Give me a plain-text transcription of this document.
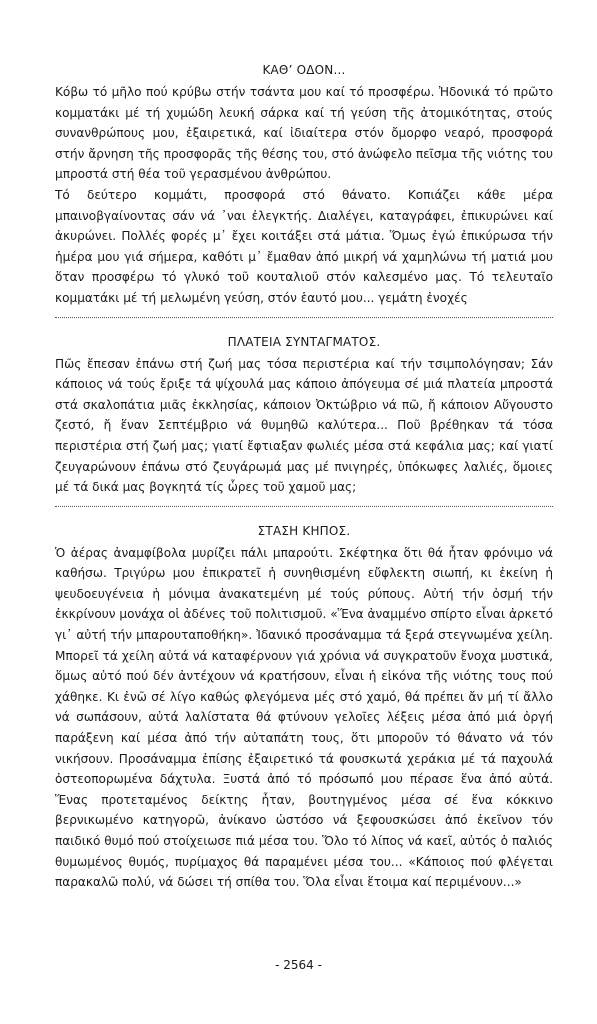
ΚΑΘ’ ΟΔΟΝ...

Κόβω τό μῆλο πού κρύβω στήν τσάντα μου καί τό προσφέρω. Ἠδονικά τό πρῶτο κομματάκι μέ τή χυμώδη λευκή σάρκα καί τή γεύση τῆς ἀτομικότητας, στούς συνανθρώπους μου, ἐξαιρετικά, καί ἰδιαίτερα στόν ὄμορφο νεαρό, προσφορά στήν ἄρνηση τῆς προσφορᾶς τῆς θέσης του, στό ἀνώφελο πεῖσμα τῆς νιότης του μπροστά στή θέα τοῦ γερασμένου ἀνθρώπου.

Τό δεύτερο κομμάτι, προσφορά στό θάνατο. Κοπιάζει κάθε μέρα μπαινοβγαίνοντας σάν νά ᾽ναι ἐλεγκτής. Διαλέγει, καταγράφει, ἐπικυρώνει καί ἀκυρώνει. Πολλές φορές μ᾽ ἔχει κοιτάξει στά μάτια. Ὅμως ἐγώ ἐπικύρωσα τήν ἡμέρα μου γιά σήμερα, καθότι μ᾽ ἔμαθαν ἀπό μικρή νά χαμηλώνω τή ματιά μου ὅταν προσφέρω τό γλυκό τοῦ κουταλιοῦ στόν καλεσμένο μας. Τό τελευταῖο κομματάκι μέ τή μελωμένη γεύση, στόν ἑαυτό μου... γεμάτη ἐνοχές

ΠΛΑΤΕΙΑ ΣΥΝΤΑΓΜΑΤΟΣ.

Πῶς ἔπεσαν ἐπάνω στή ζωή μας τόσα περιστέρια καί τήν τσιμπολόγησαν; Σάν κάποιος νά τούς ἔριξε τά ψίχουλά μας κάποιο ἀπόγευμα σέ μιά πλατεία μπροστά στά σκαλοπάτια μιᾶς ἐκκλησίας, κάποιον Ὀκτώβριο νά πῶ, ἤ κάποιον Αὔγουστο ζεστό, ἤ ἕναν Σεπτέμβριο νά θυμηθῶ καλύτερα... Ποῦ βρέθηκαν τά τόσα περιστέρια στή ζωή μας; γιατί ἔφτιαξαν φωλιές μέσα στά κεφάλια μας; καί γιατί ζευγαρώνουν ἐπάνω στό ζευγάρωμά μας μέ πνιγηρές, ὑπόκωφες λαλιές, ὅμοιες μέ τά δικά μας βογκητά τίς ὧρες τοῦ χαμοῦ μας;

ΣΤΑΣΗ ΚΗΠΟΣ.

Ὁ ἀέρας ἀναμφίβολα μυρίζει πάλι μπαρούτι. Σκέφτηκα ὅτι θά ἦταν φρόνιμο νά καθήσω. Τριγύρω μου ἐπικρατεῖ ἡ συνηθισμένη εὔφλεκτη σιωπή, κι ἐκείνη ἡ ψευδοευγένεια ἡ μόνιμα ἀνακατεμένη μέ τούς ρύπους. Αὐτή τήν ὀσμή τήν ἐκκρίνουν μονάχα οἱ ἀδένες τοῦ πολιτισμοῦ. «Ἕνα ἀναμμένο σπίρτο εἶναι ἀρκετό γι᾽ αὐτή τήν μπαρουταποθήκη». Ἰδανικό προσάναμμα τά ξερά στεγνωμένα χείλη. Μπορεῖ τά χείλη αὐτά νά καταφέρνουν γιά χρόνια νά συγκρατοῦν ἔνοχα μυστικά, ὅμως αὐτό πού δέν ἀντέχουν νά κρατήσουν, εἶναι ἡ εἰκόνα τῆς νιότης τους πού χάθηκε. Κι ἐνῶ σέ λίγο καθώς φλεγόμενα μές στό χαμό, θά πρέπει ἄν μή τί ἄλλο νά σωπάσουν, αὐτά λαλίστατα θά φτύνουν γελοῖες λέξεις μέσα ἀπό μιά ὀργή παράξενη καί μέσα ἀπό τήν αὐταπάτη τους, ὅτι μποροῦν τό θάνατο νά τόν νικήσουν. Προσάναμμα ἐπίσης ἐξαιρετικό τά φουσκωτά χεράκια μέ τά παχουλά ὀστεοπορωμένα δάχτυλα. Ξυστά ἀπό τό πρόσωπό μου πέρασε ἕνα ἀπό αὐτά. Ἕνας προτεταμένος δείκτης ἦταν, βουτηγμένος μέσα σέ ἕνα κόκκινο βερνικωμένο κατηγορῶ, ἀνίκανο ὡστόσο νά ξεφουσκώσει ἀπό ἐκεῖνον τόν παιδικό θυμό πού στοίχειωσε πιά μέσα του. Ὅλο τό λίπος νά καεῖ, αὐτός ὁ παλιός θυμωμένος θυμός, πυρίμαχος θά παραμένει μέσα του... «Κάποιος πού φλέγεται παρακαλῶ πολύ, νά δώσει τή σπίθα του. Ὅλα εἶναι ἕτοιμα καί περιμένουν...»

- 2564 -
